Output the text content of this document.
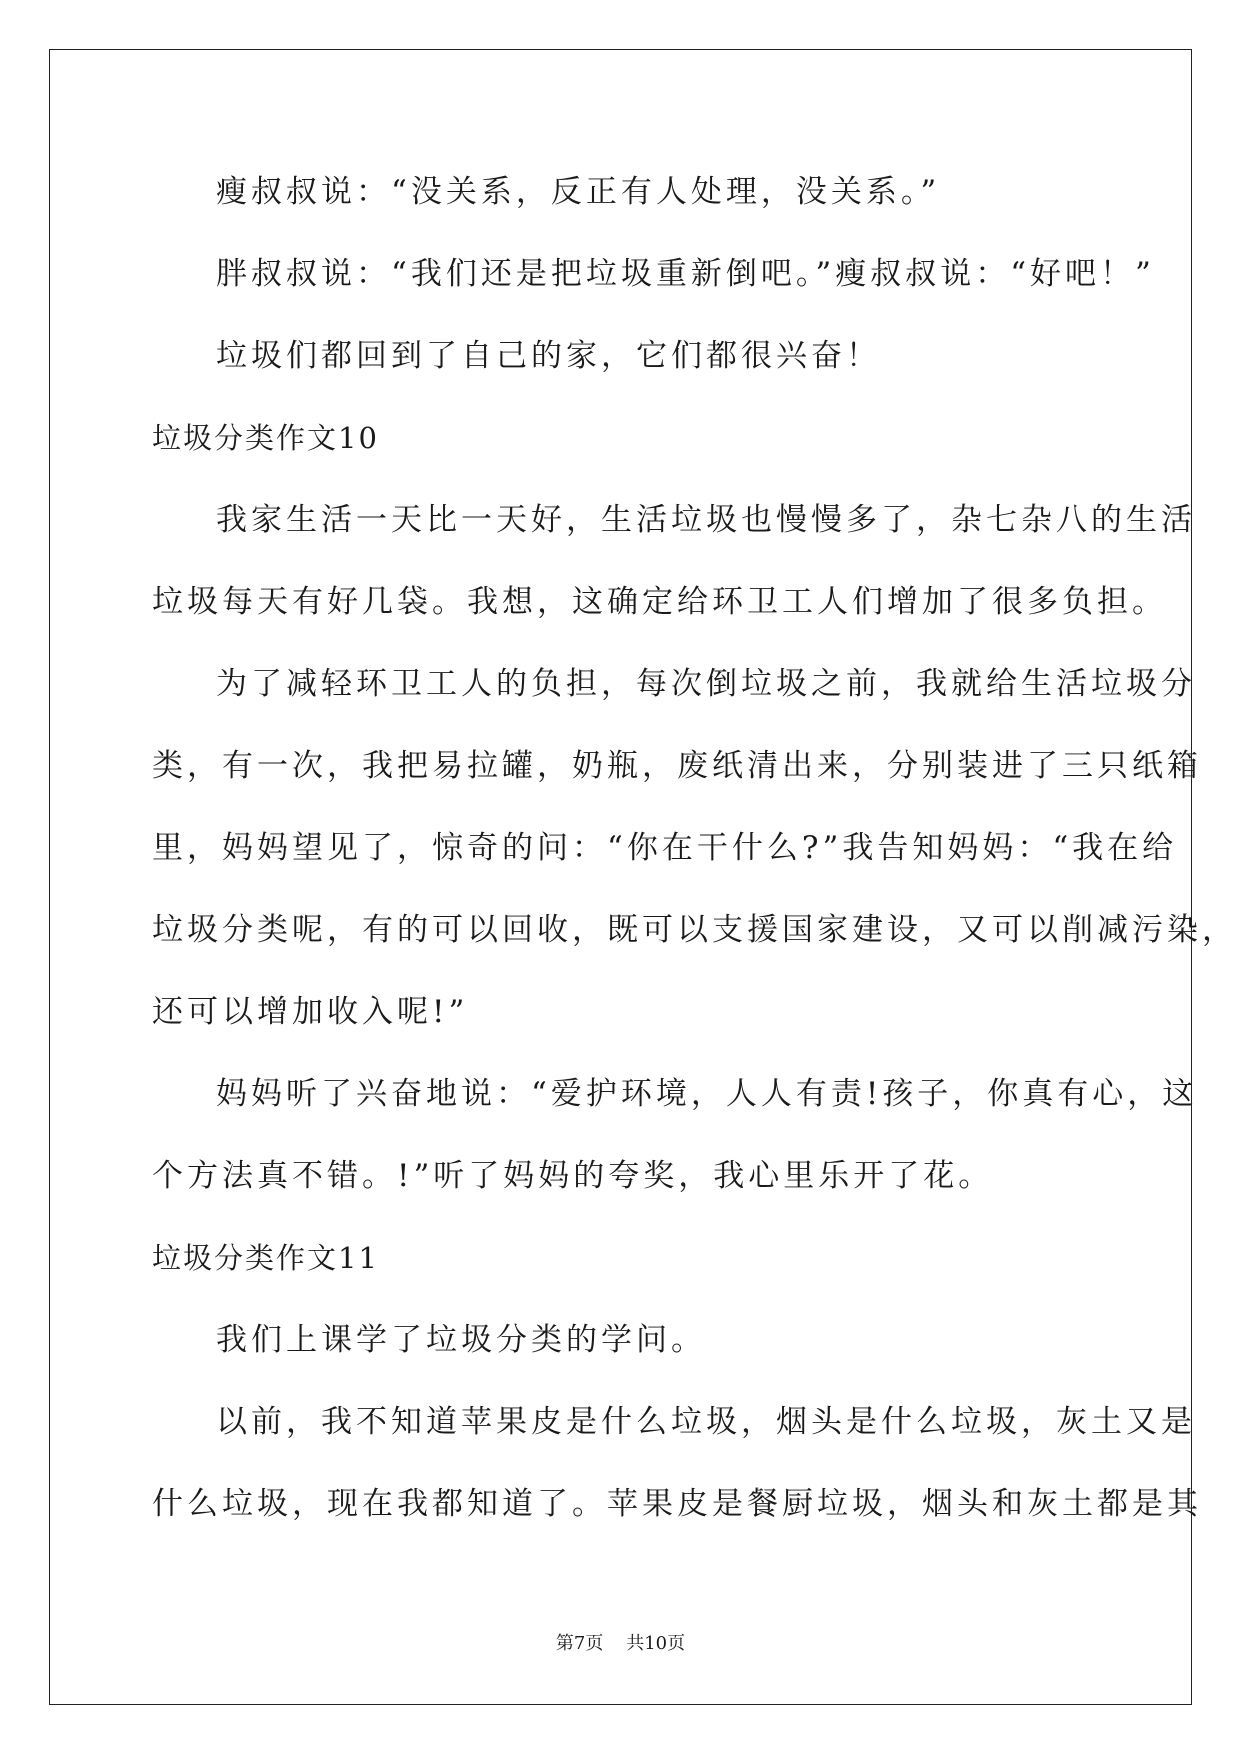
瘦叔叔说：“没关系，反正有人处理，没关系。”
胖叔叔说：“我们还是把垃圾重新倒吧。”瘦叔叔说：“好吧！”
垃圾们都回到了自己的家，它们都很兴奋！
垃圾分类作文10
我家生活一天比一天好，生活垃圾也慢慢多了，杂七杂八的生活
垃圾每天有好几袋。我想，这确定给环卫工人们增加了很多负担。
为了减轻环卫工人的负担，每次倒垃圾之前，我就给生活垃圾分
类，有一次，我把易拉罐，奶瓶，废纸清出来，分别装进了三只纸箱
里，妈妈望见了，惊奇的问：“你在干什么?”我告知妈妈：“我在给
垃圾分类呢，有的可以回收，既可以支援国家建设，又可以削减污染，
还可以增加收入呢!”
妈妈听了兴奋地说：“爱护环境，人人有责!孩子，你真有心，这
个方法真不错。!”听了妈妈的夸奖，我心里乐开了花。
垃圾分类作文11
我们上课学了垃圾分类的学问。
以前，我不知道苹果皮是什么垃圾，烟头是什么垃圾，灰土又是
什么垃圾，现在我都知道了。苹果皮是餐厨垃圾，烟头和灰土都是其
第7页    共10页
